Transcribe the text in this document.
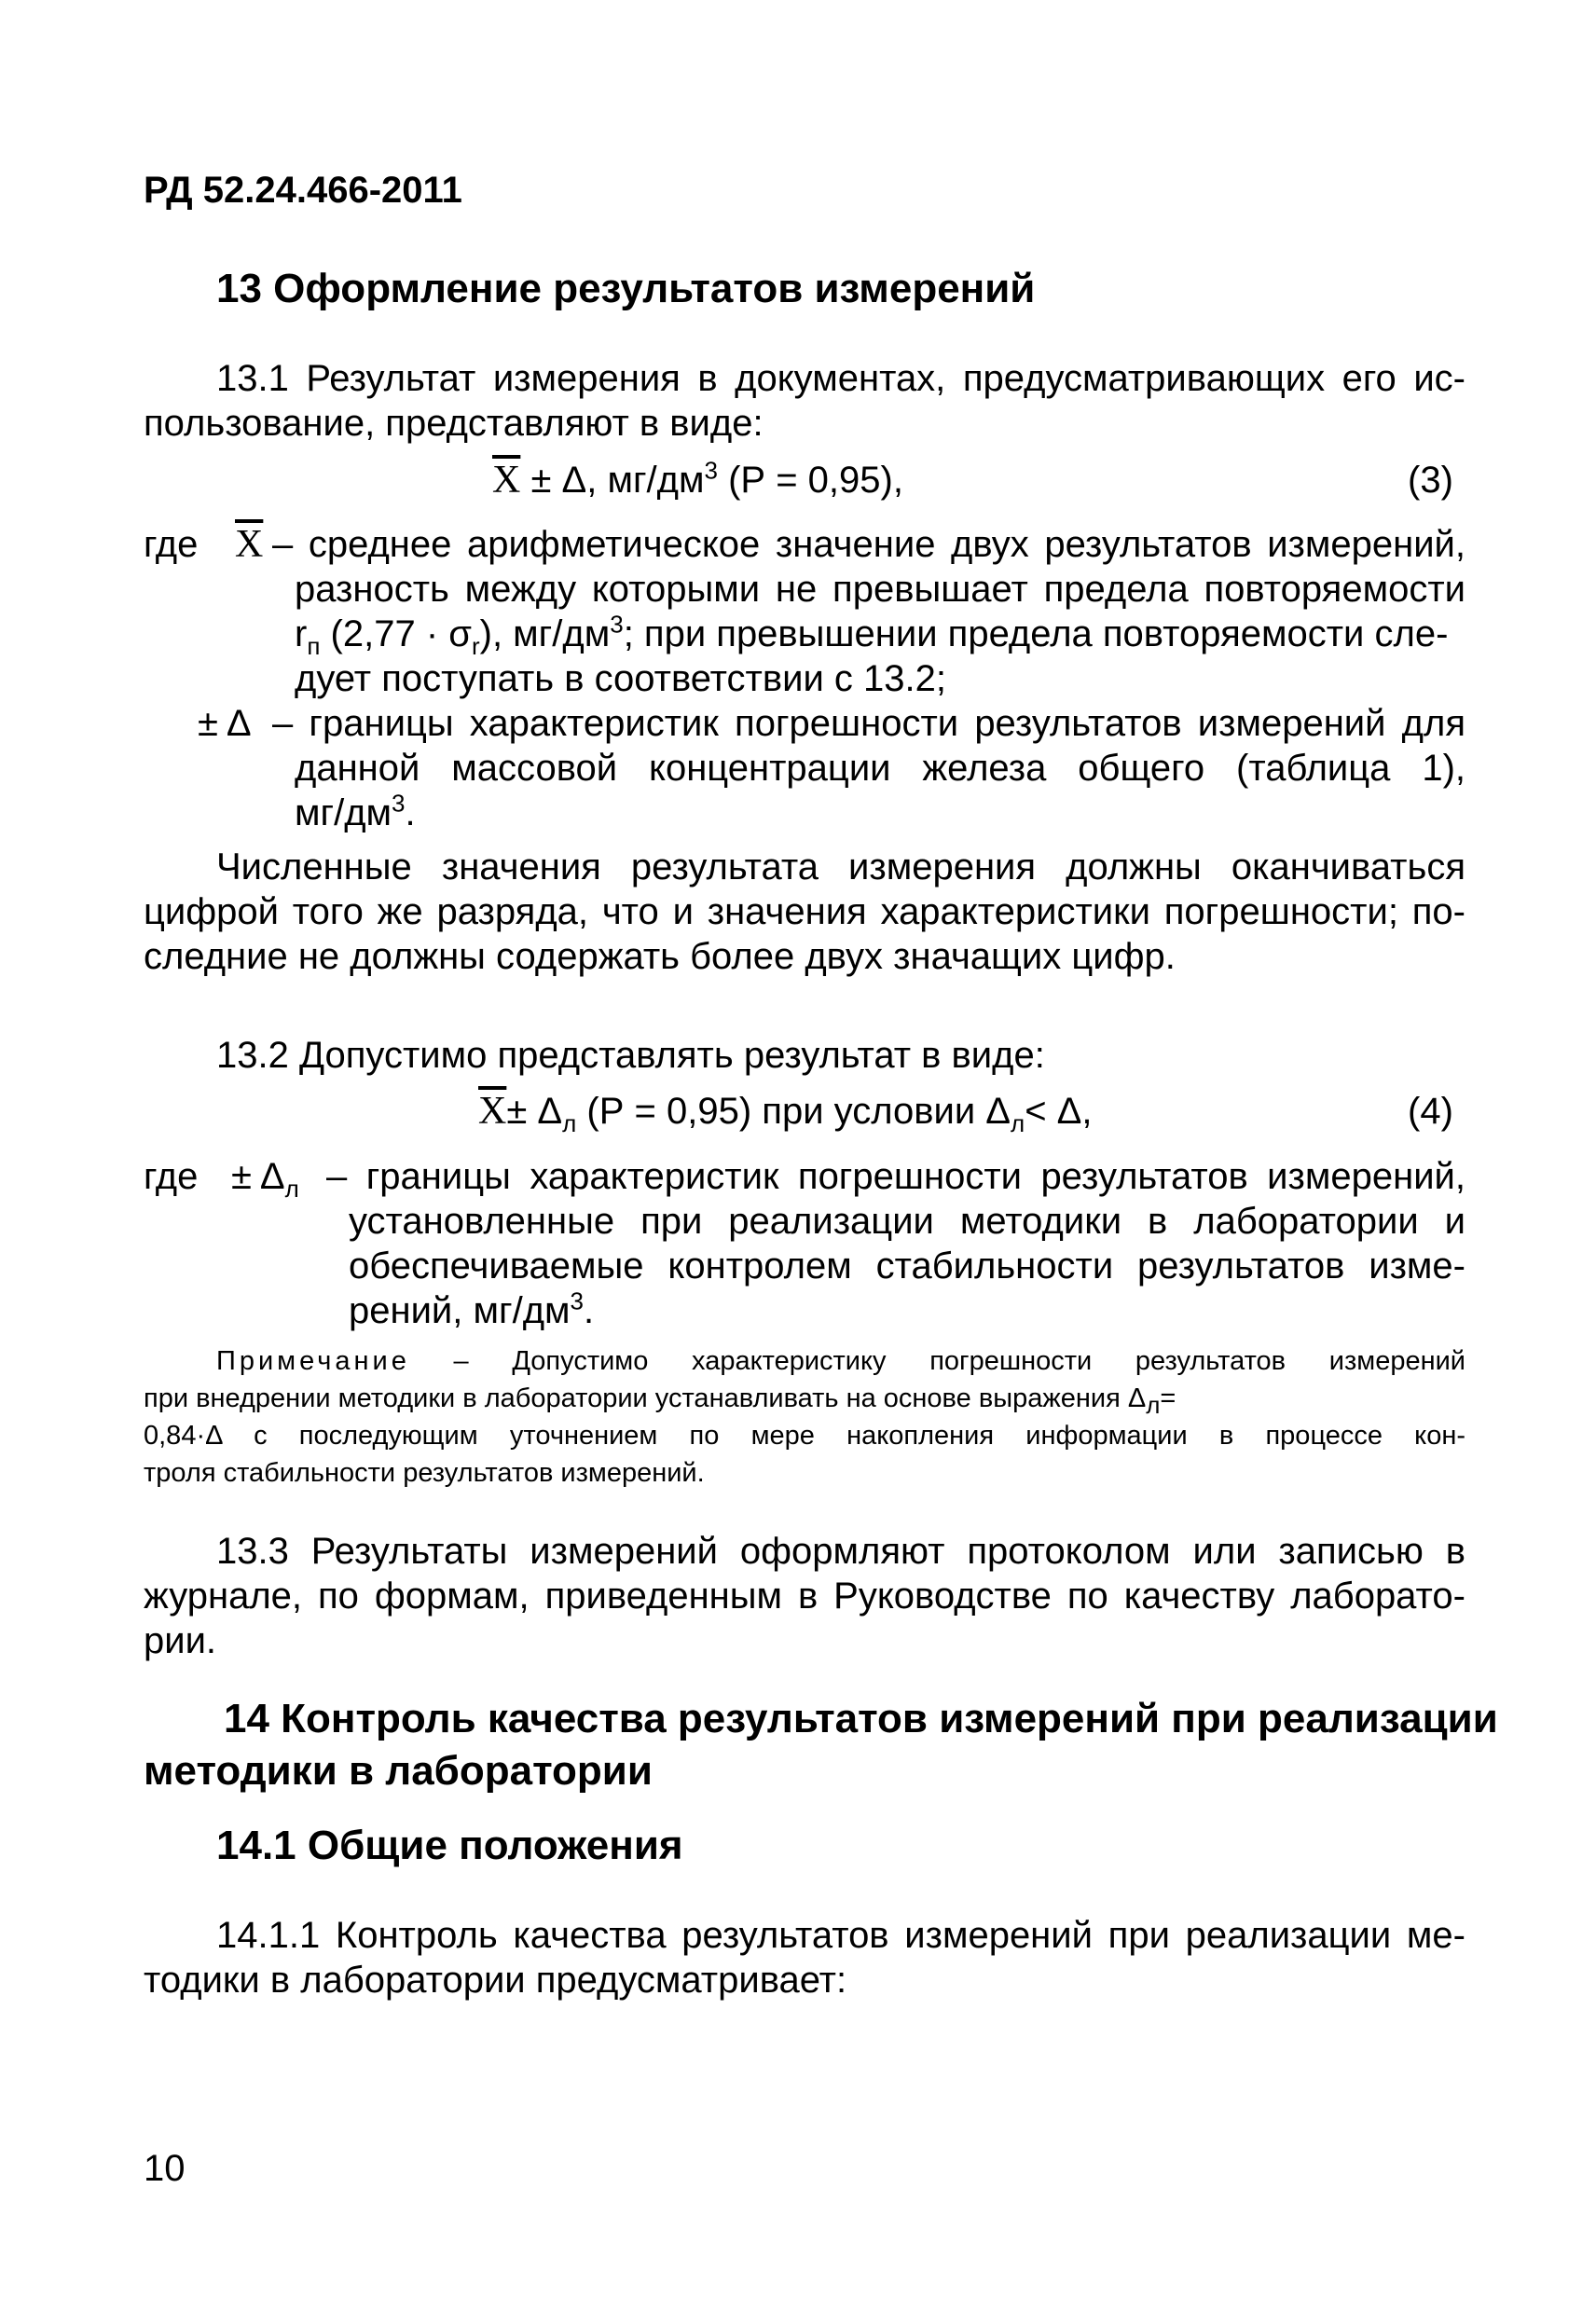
РД 52.24.466-2011
13 Оформление результатов измерений
13.1 Результат измерения в документах, предусматривающих его ис-
пользование, представляют в виде:
$\overline{X} \pm \Delta$, $мг/дм^3$ (Р = 0,95),	(3)
где $\overline{X}$ – среднее арифметическое значение двух результатов измерений,
разность между которыми не превышает предела повторяемости
$r_п$ $(2,77 \cdot \sigma_r)$, $мг/дм^3$; при превышении предела повторяемости сле-
дует поступать в соответствии с 13.2;
± Δ – границы характеристик погрешности результатов измерений для
данной массовой концентрации железа общего (таблица 1),
$мг/дм^3$.
Численные значения результата измерения должны оканчиваться
цифрой того же разряда, что и значения характеристики погрешности; по-
следние не должны содержать более двух значащих цифр.
13.2 Допустимо представлять результат в виде:
$\overline{X}\pm \Delta_л$ (Р = 0,95) при условии $\Delta_л< \Delta$,	(4)
где ± $\Delta_л$ – границы характеристик погрешности результатов измерений,
установленные при реализации методики в лаборатории и
обеспечиваемые контролем стабильности результатов изме-
рений, $мг/дм^3$.
Примечание – Допустимо характеристику погрешности результатов измерений
при внедрении методики в лаборатории устанавливать на основе выражения $\Delta_л=$
0,84·Δ с последующим уточнением по мере накопления информации в процессе кон-
троля стабильности результатов измерений.
13.3 Результаты измерений оформляют протоколом или записью в
журнале, по формам, приведенным в Руководстве по качеству лаборато-
рии.
14 Контроль качества результатов измерений при реализации
методики в лаборатории
14.1 Общие положения
14.1.1 Контроль качества результатов измерений при реализации ме-
тодики в лаборатории предусматривает:
10
